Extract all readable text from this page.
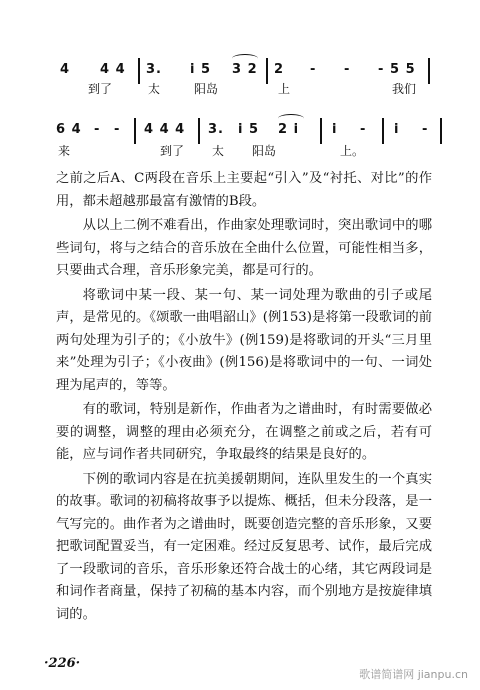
4 4 4 3. i 5 3 2 2 - - - 5 5
到了	太	阳岛	上	我们
6 4 - - 4 4 4 3. i 5 2 i	i - i -
来	到了 太 阳岛	上。

之前之后A、C两段在音乐上主要起“引入”及“衬托、对比”的作用，都未超越那最富有激情的B段。

从以上二例不难看出，作曲家处理歌词时，突出歌词中的哪些词句，将与之结合的音乐放在全曲什么位置，可能性相当多，只要曲式合理，音乐形象完美，都是可行的。

将歌词中某一段、某一句、某一词处理为歌曲的引子或尾声，是常见的。《颂歌一曲唱韶山》(例153)是将第一段歌词的前两句处理为引子的；《小放牛》(例159)是将歌词的开头“三月里来”处理为引子；《小夜曲》(例156)是将歌词中的一句、一词处理为尾声的，等等。

有的歌词，特别是新作，作曲者为之谱曲时，有时需要做必要的调整，调整的理由必须充分，在调整之前或之后，若有可能，应与词作者共同研究，争取最终的结果是良好的。

下例的歌词内容是在抗美援朝期间，连队里发生的一个真实的故事。歌词的初稿将故事予以提炼、概括，但未分段落，是一气写完的。曲作者为之谱曲时，既要创造完整的音乐形象，又要把歌词配置妥当，有一定困难。经过反复思考、试作，最后完成了一段歌词的音乐，音乐形象还符合战士的心绪，其它两段词是和词作者商量，保持了初稿的基本内容，而个别地方是按旋律填词的。

·226·
歌谱简谱网 jianpu.cn
